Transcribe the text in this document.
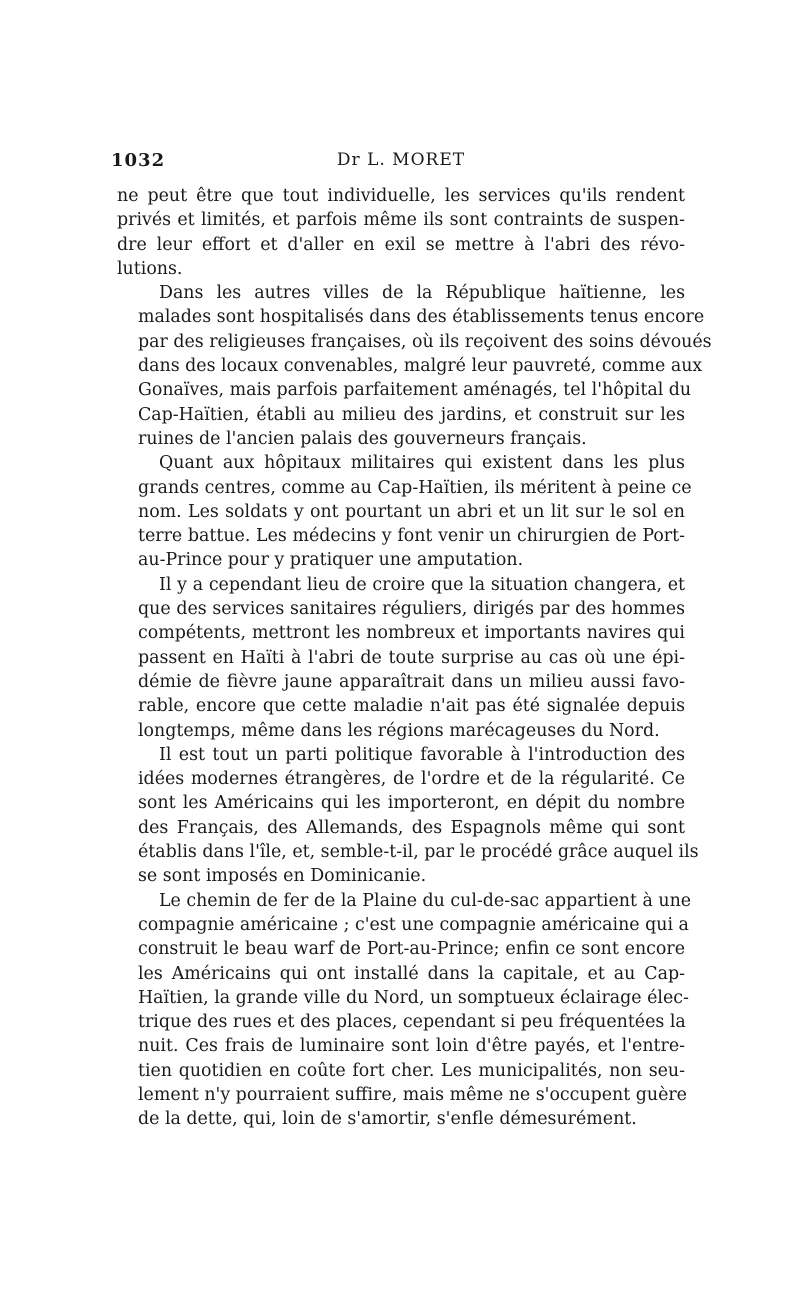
1032	Dr L. MORET
ne peut être que tout individuelle, les services qu'ils rendent
privés et limités, et parfois même ils sont contraints de suspen-
dre leur effort et d'aller en exil se mettre à l'abri des révo-
lutions.
Dans les autres villes de la République haïtienne, les
malades sont hospitalisés dans des établissements tenus encore
par des religieuses françaises, où ils reçoivent des soins dévoués
dans des locaux convenables, malgré leur pauvreté, comme aux
Gonaïves, mais parfois parfaitement aménagés, tel l'hôpital du
Cap-Haïtien, établi au milieu des jardins, et construit sur les
ruines de l'ancien palais des gouverneurs français.
Quant aux hôpitaux militaires qui existent dans les plus
grands centres, comme au Cap-Haïtien, ils méritent à peine ce
nom. Les soldats y ont pourtant un abri et un lit sur le sol en
terre battue. Les médecins y font venir un chirurgien de Port-
au-Prince pour y pratiquer une amputation.
Il y a cependant lieu de croire que la situation changera, et
que des services sanitaires réguliers, dirigés par des hommes
compétents, mettront les nombreux et importants navires qui
passent en Haïti à l'abri de toute surprise au cas où une épi-
démie de fièvre jaune apparaîtrait dans un milieu aussi favo-
rable, encore que cette maladie n'ait pas été signalée depuis
longtemps, même dans les régions marécageuses du Nord.
Il est tout un parti politique favorable à l'introduction des
idées modernes étrangères, de l'ordre et de la régularité. Ce
sont les Américains qui les importeront, en dépit du nombre
des Français, des Allemands, des Espagnols même qui sont
établis dans l'île, et, semble-t-il, par le procédé grâce auquel ils
se sont imposés en Dominicanie.
Le chemin de fer de la Plaine du cul-de-sac appartient à une
compagnie américaine ; c'est une compagnie américaine qui a
construit le beau warf de Port-au-Prince; enfin ce sont encore
les Américains qui ont installé dans la capitale, et au Cap-
Haïtien, la grande ville du Nord, un somptueux éclairage élec-
trique des rues et des places, cependant si peu fréquentées la
nuit. Ces frais de luminaire sont loin d'être payés, et l'entre-
tien quotidien en coûte fort cher. Les municipalités, non seu-
lement n'y pourraient suffire, mais même ne s'occupent guère
de la dette, qui, loin de s'amortir, s'enfle démesurément.
